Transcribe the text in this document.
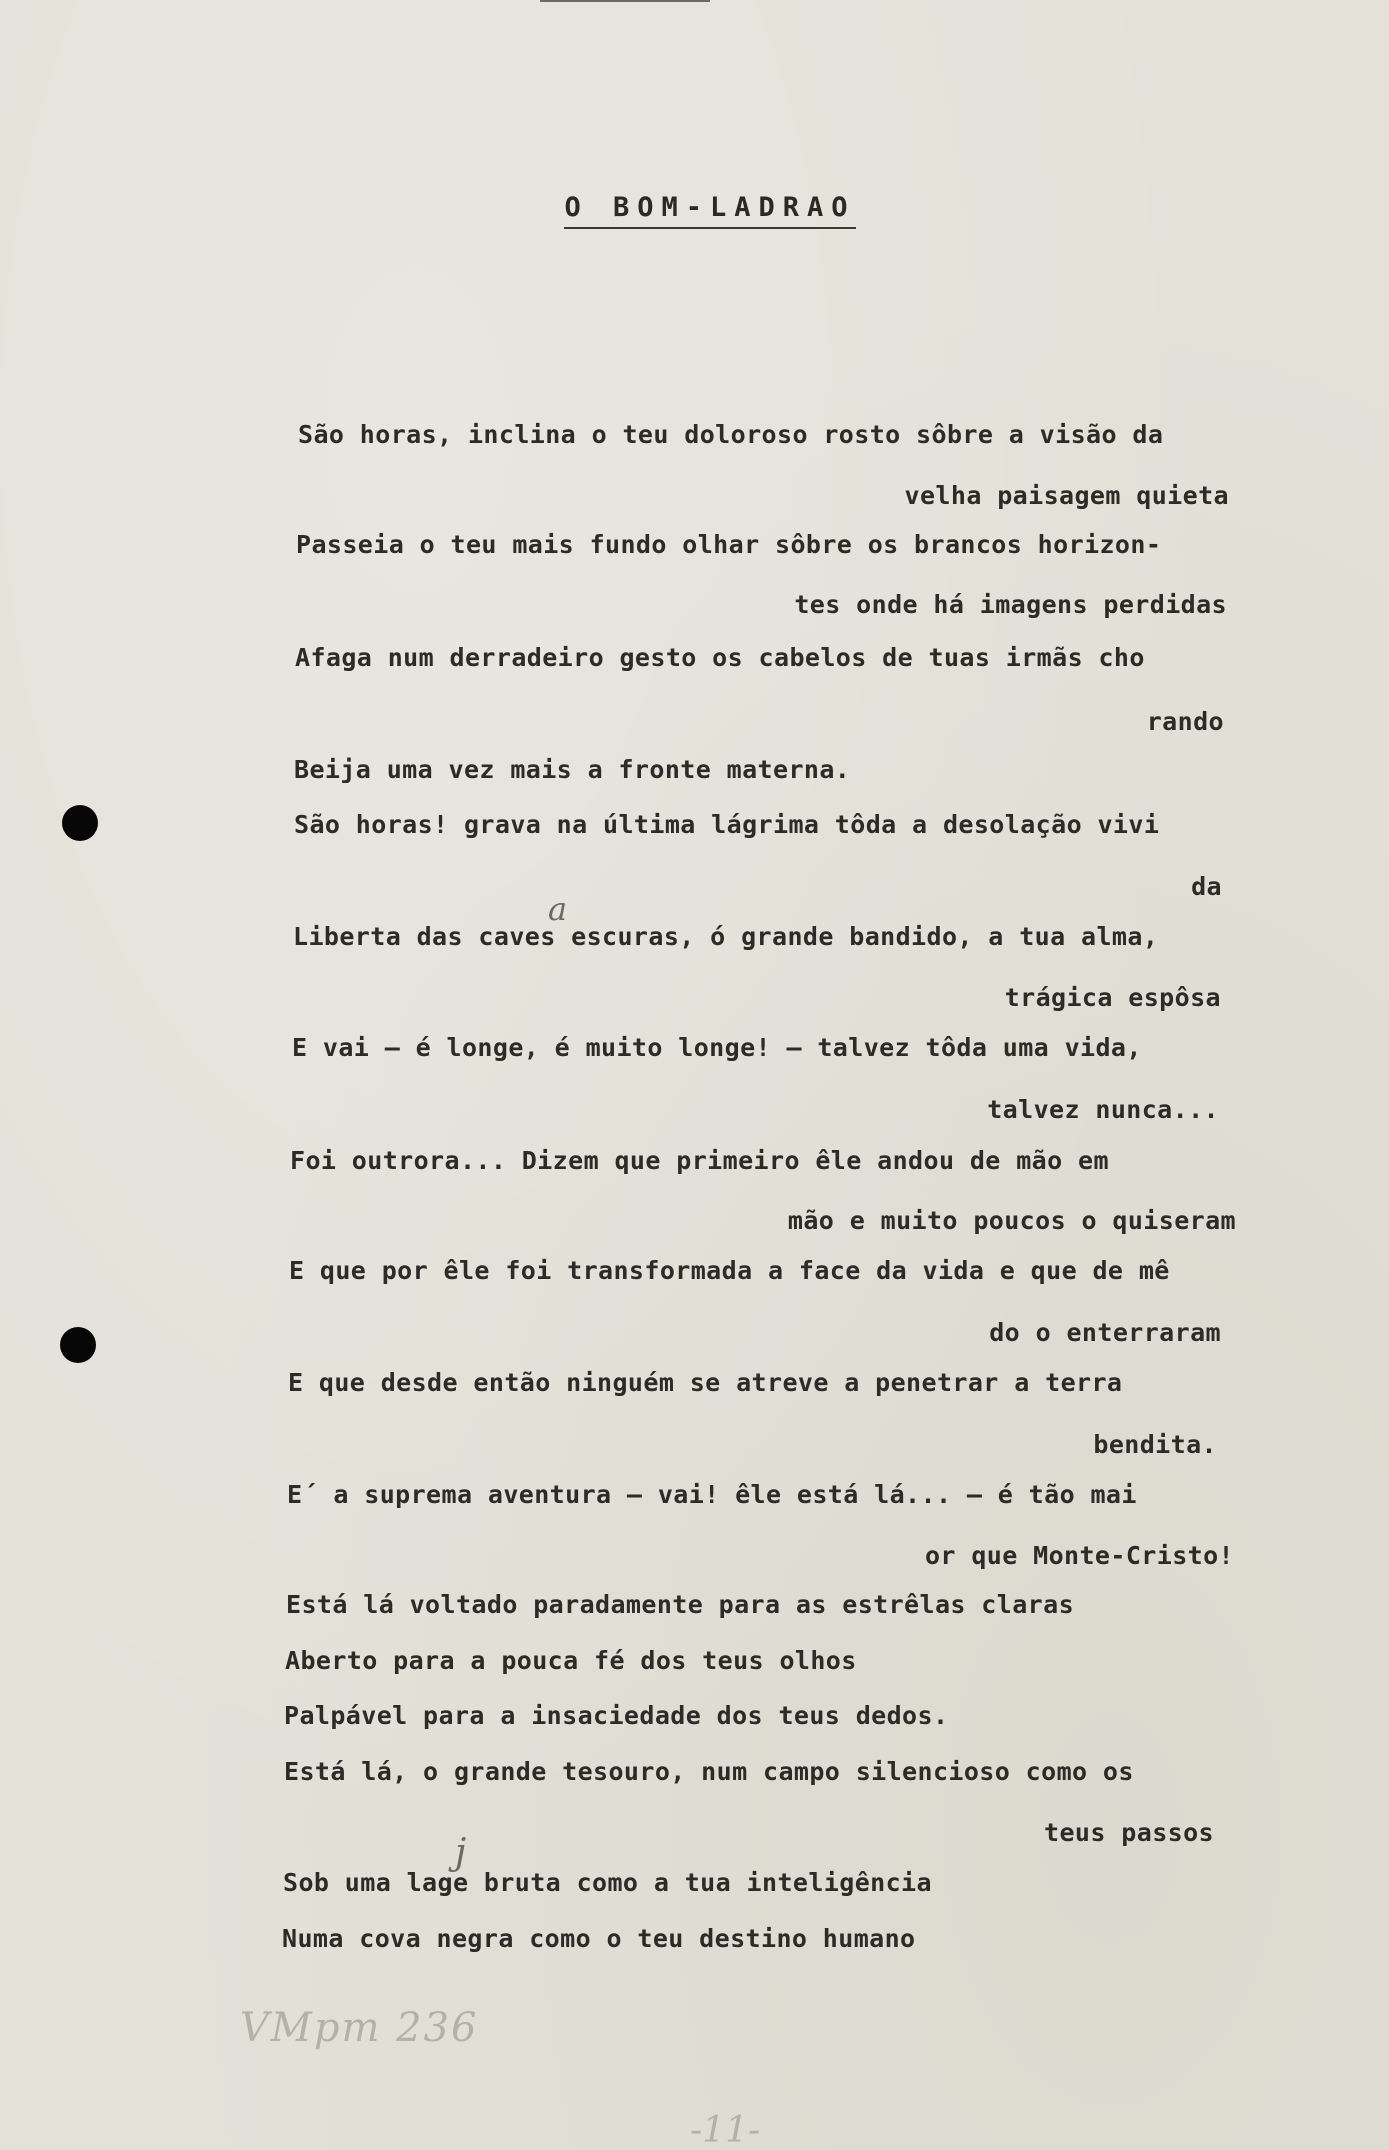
O BOM-LADRAO
São horas, inclina o teu doloroso rosto sôbre a visão da
velha paisagem quieta
Passeia o teu mais fundo olhar sôbre os brancos horizon-
tes onde há imagens perdidas
Afaga num derradeiro gesto os cabelos de tuas irmãs cho
rando
Beija uma vez mais a fronte materna.
São horas! grava na última lágrima tôda a desolação vivi
da
Liberta das caves escuras, ó grande bandido, a tua alma,
trágica espôsa
E vai — é longe, é muito longe! — talvez tôda uma vida,
talvez nunca...
Foi outrora... Dizem que primeiro êle andou de mão em
mão e muito poucos o quiseram
E que por êle foi transformada a face da vida e que de mê
do o enterraram
E que desde então ninguém se atreve a penetrar a terra
bendita.
E´ a suprema aventura — vai! êle está lá... — é tão mai
or que Monte-Cristo!
Está lá voltado paradamente para as estrêlas claras
Aberto para a pouca fé dos teus olhos
Palpável para a insaciedade dos teus dedos.
Está lá, o grande tesouro, num campo silencioso como os
teus passos
Sob uma lage bruta como a tua inteligência
Numa cova negra como o teu destino humano
a
j
VMpm 236
-11-
